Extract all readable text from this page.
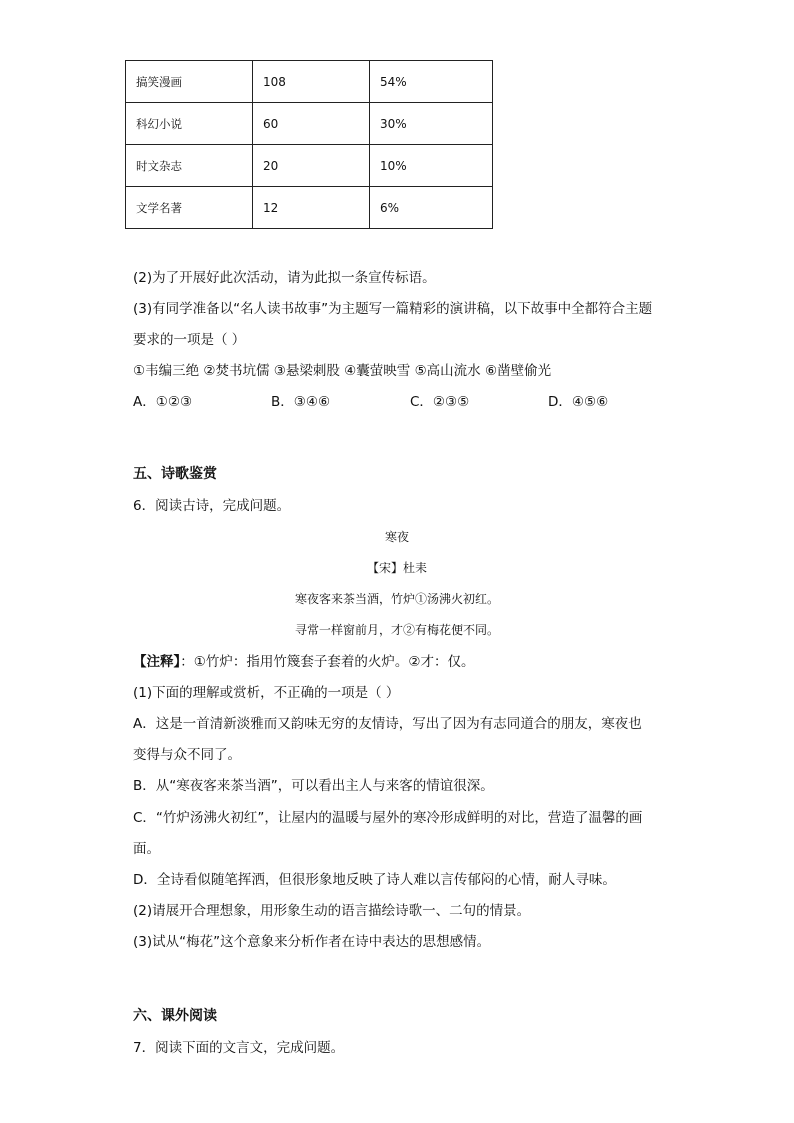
搞笑漫画	108	54%
科幻小说	60	30%
时文杂志	20	10%
文学名著	12	6%
(2)为了开展好此次活动，请为此拟一条宣传标语。
(3)有同学准备以“名人读书故事”为主题写一篇精彩的演讲稿，以下故事中全都符合主题
要求的一项是（ ）
①韦编三绝 ②焚书坑儒 ③悬梁刺股 ④囊萤映雪 ⑤高山流水 ⑥凿壁偷光
A．①②③	B．③④⑥	C．②③⑤	D．④⑤⑥
五、诗歌鉴赏
6．阅读古诗，完成问题。
寒夜
【宋】杜耒
寒夜客来茶当酒，竹炉①汤沸火初红。
寻常一样窗前月，才②有梅花便不同。
【注释】：①竹炉：指用竹篾套子套着的火炉。②才：仅。
(1)下面的理解或赏析，不正确的一项是（ ）
A．这是一首清新淡雅而又韵味无穷的友情诗，写出了因为有志同道合的朋友，寒夜也
变得与众不同了。
B．从“寒夜客来茶当酒”，可以看出主人与来客的情谊很深。
C．“竹炉汤沸火初红”，让屋内的温暖与屋外的寒冷形成鲜明的对比，营造了温馨的画
面。
D．全诗看似随笔挥洒，但很形象地反映了诗人难以言传郁闷的心情，耐人寻味。
(2)请展开合理想象，用形象生动的语言描绘诗歌一、二句的情景。
(3)试从“梅花”这个意象来分析作者在诗中表达的思想感情。
六、课外阅读
7．阅读下面的文言文，完成问题。
